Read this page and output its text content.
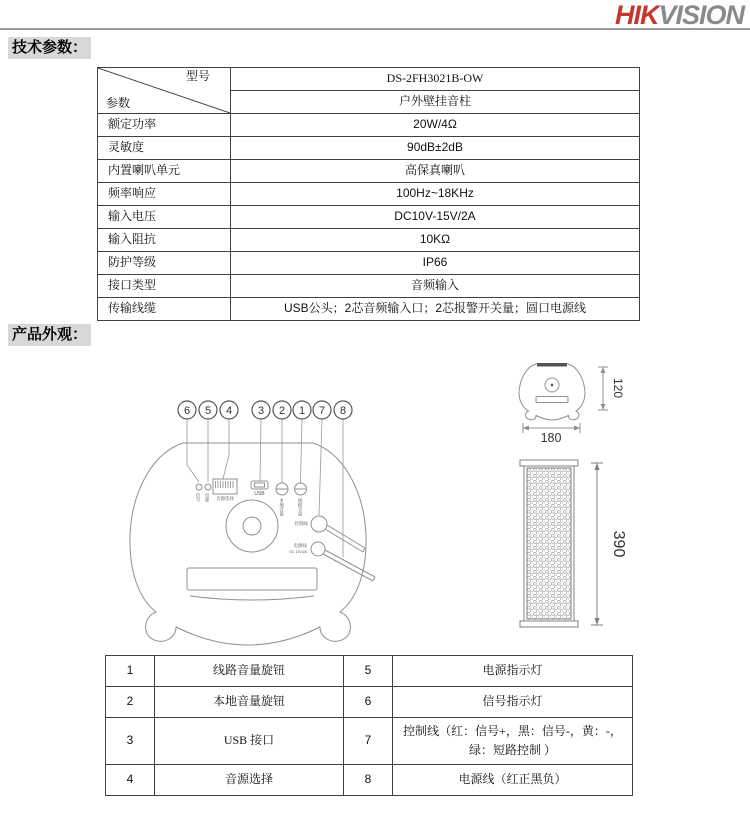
HIKVISION
技术参数：
型号
参数	DS-2FH3021B-OW
	户外壁挂音柱
额定功率	20W/4Ω
灵敏度	90dB±2dB
内置喇叭单元	高保真喇叭
频率响应	100Hz~18KHz
输入电压	DC10V-15V/2A
输入阻抗	10KΩ
防护等级	IP66
接口类型	音频输入
传输线缆	USB公头；2芯音频输入口；2芯报警开关量；圆口电源线
产品外观：
6 5 4 3 2 1 7 8
信号 电源	音源选择
USB
本地音量	线路音量
控制线
电源线
DC 12V/2A
120
180
390
1	线路音量旋钮	5	电源指示灯
2	本地音量旋钮	6	信号指示灯
3	USB 接口	7	控制线（红：信号+，黑：信号-，黄：-，绿：短路控制 ）
4	音源选择	8	电源线（红正黑负）
